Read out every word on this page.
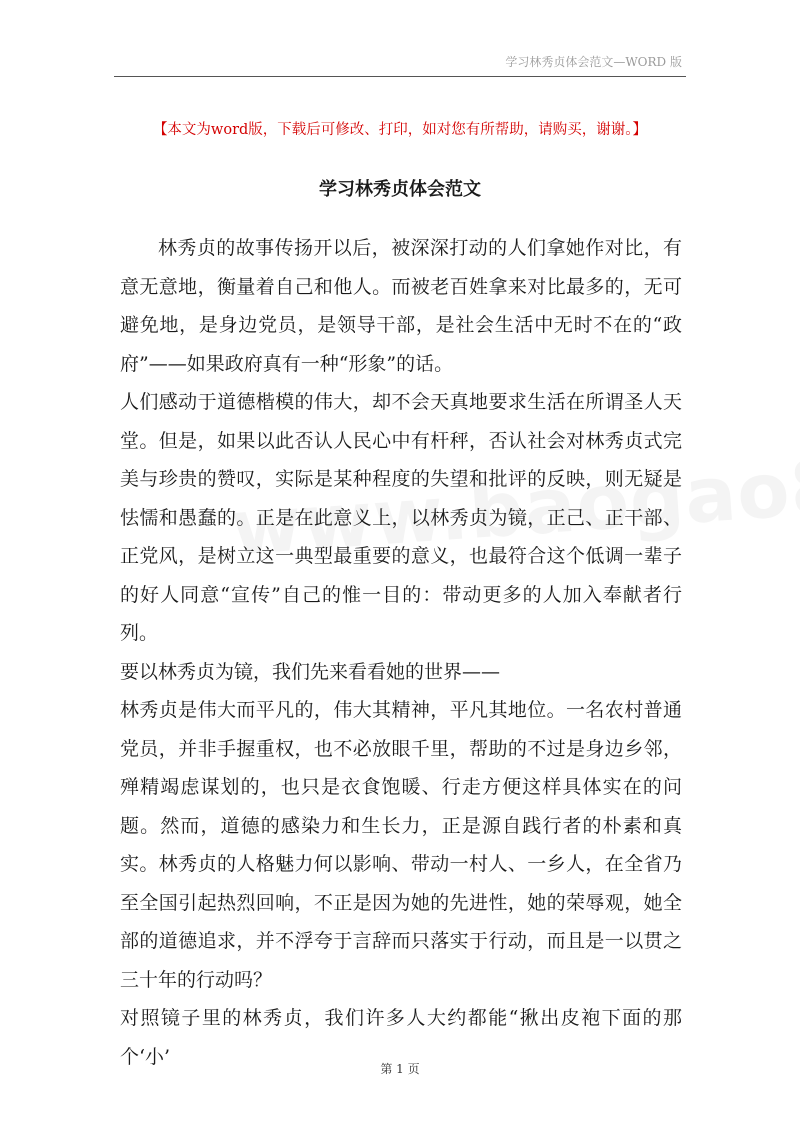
学习林秀贞体会范文—WORD 版
【本文为word版，下载后可修改、打印，如对您有所帮助，请购买，谢谢。】
学习林秀贞体会范文

林秀贞的故事传扬开以后，被深深打动的人们拿她作对比，有意无意地，衡量着自己和他人。而被老百姓拿来对比最多的，无可避免地，是身边党员，是领导干部，是社会生活中无时不在的“政府”——如果政府真有一种“形象”的话。

人们感动于道德楷模的伟大，却不会天真地要求生活在所谓圣人天堂。但是，如果以此否认人民心中有杆秤，否认社会对林秀贞式完美与珍贵的赞叹，实际是某种程度的失望和批评的反映，则无疑是怯懦和愚蠢的。正是在此意义上，以林秀贞为镜，正己、正干部、正党风，是树立这一典型最重要的意义，也最符合这个低调一辈子的好人同意“宣传”自己的惟一目的：带动更多的人加入奉献者行列。

要以林秀贞为镜，我们先来看看她的世界——

林秀贞是伟大而平凡的，伟大其精神，平凡其地位。一名农村普通党员，并非手握重权，也不必放眼千里，帮助的不过是身边乡邻，殚精竭虑谋划的，也只是衣食饱暖、行走方便这样具体实在的问题。然而，道德的感染力和生长力，正是源自践行者的朴素和真实。林秀贞的人格魅力何以影响、带动一村人、一乡人，在全省乃至全国引起热烈回响，不正是因为她的先进性，她的荣辱观，她全部的道德追求，并不浮夸于言辞而只落实于行动，而且是一以贯之三十年的行动吗？

对照镜子里的林秀贞，我们许多人大约都能“揪出皮袍下面的那个‘小’

第 1 页
